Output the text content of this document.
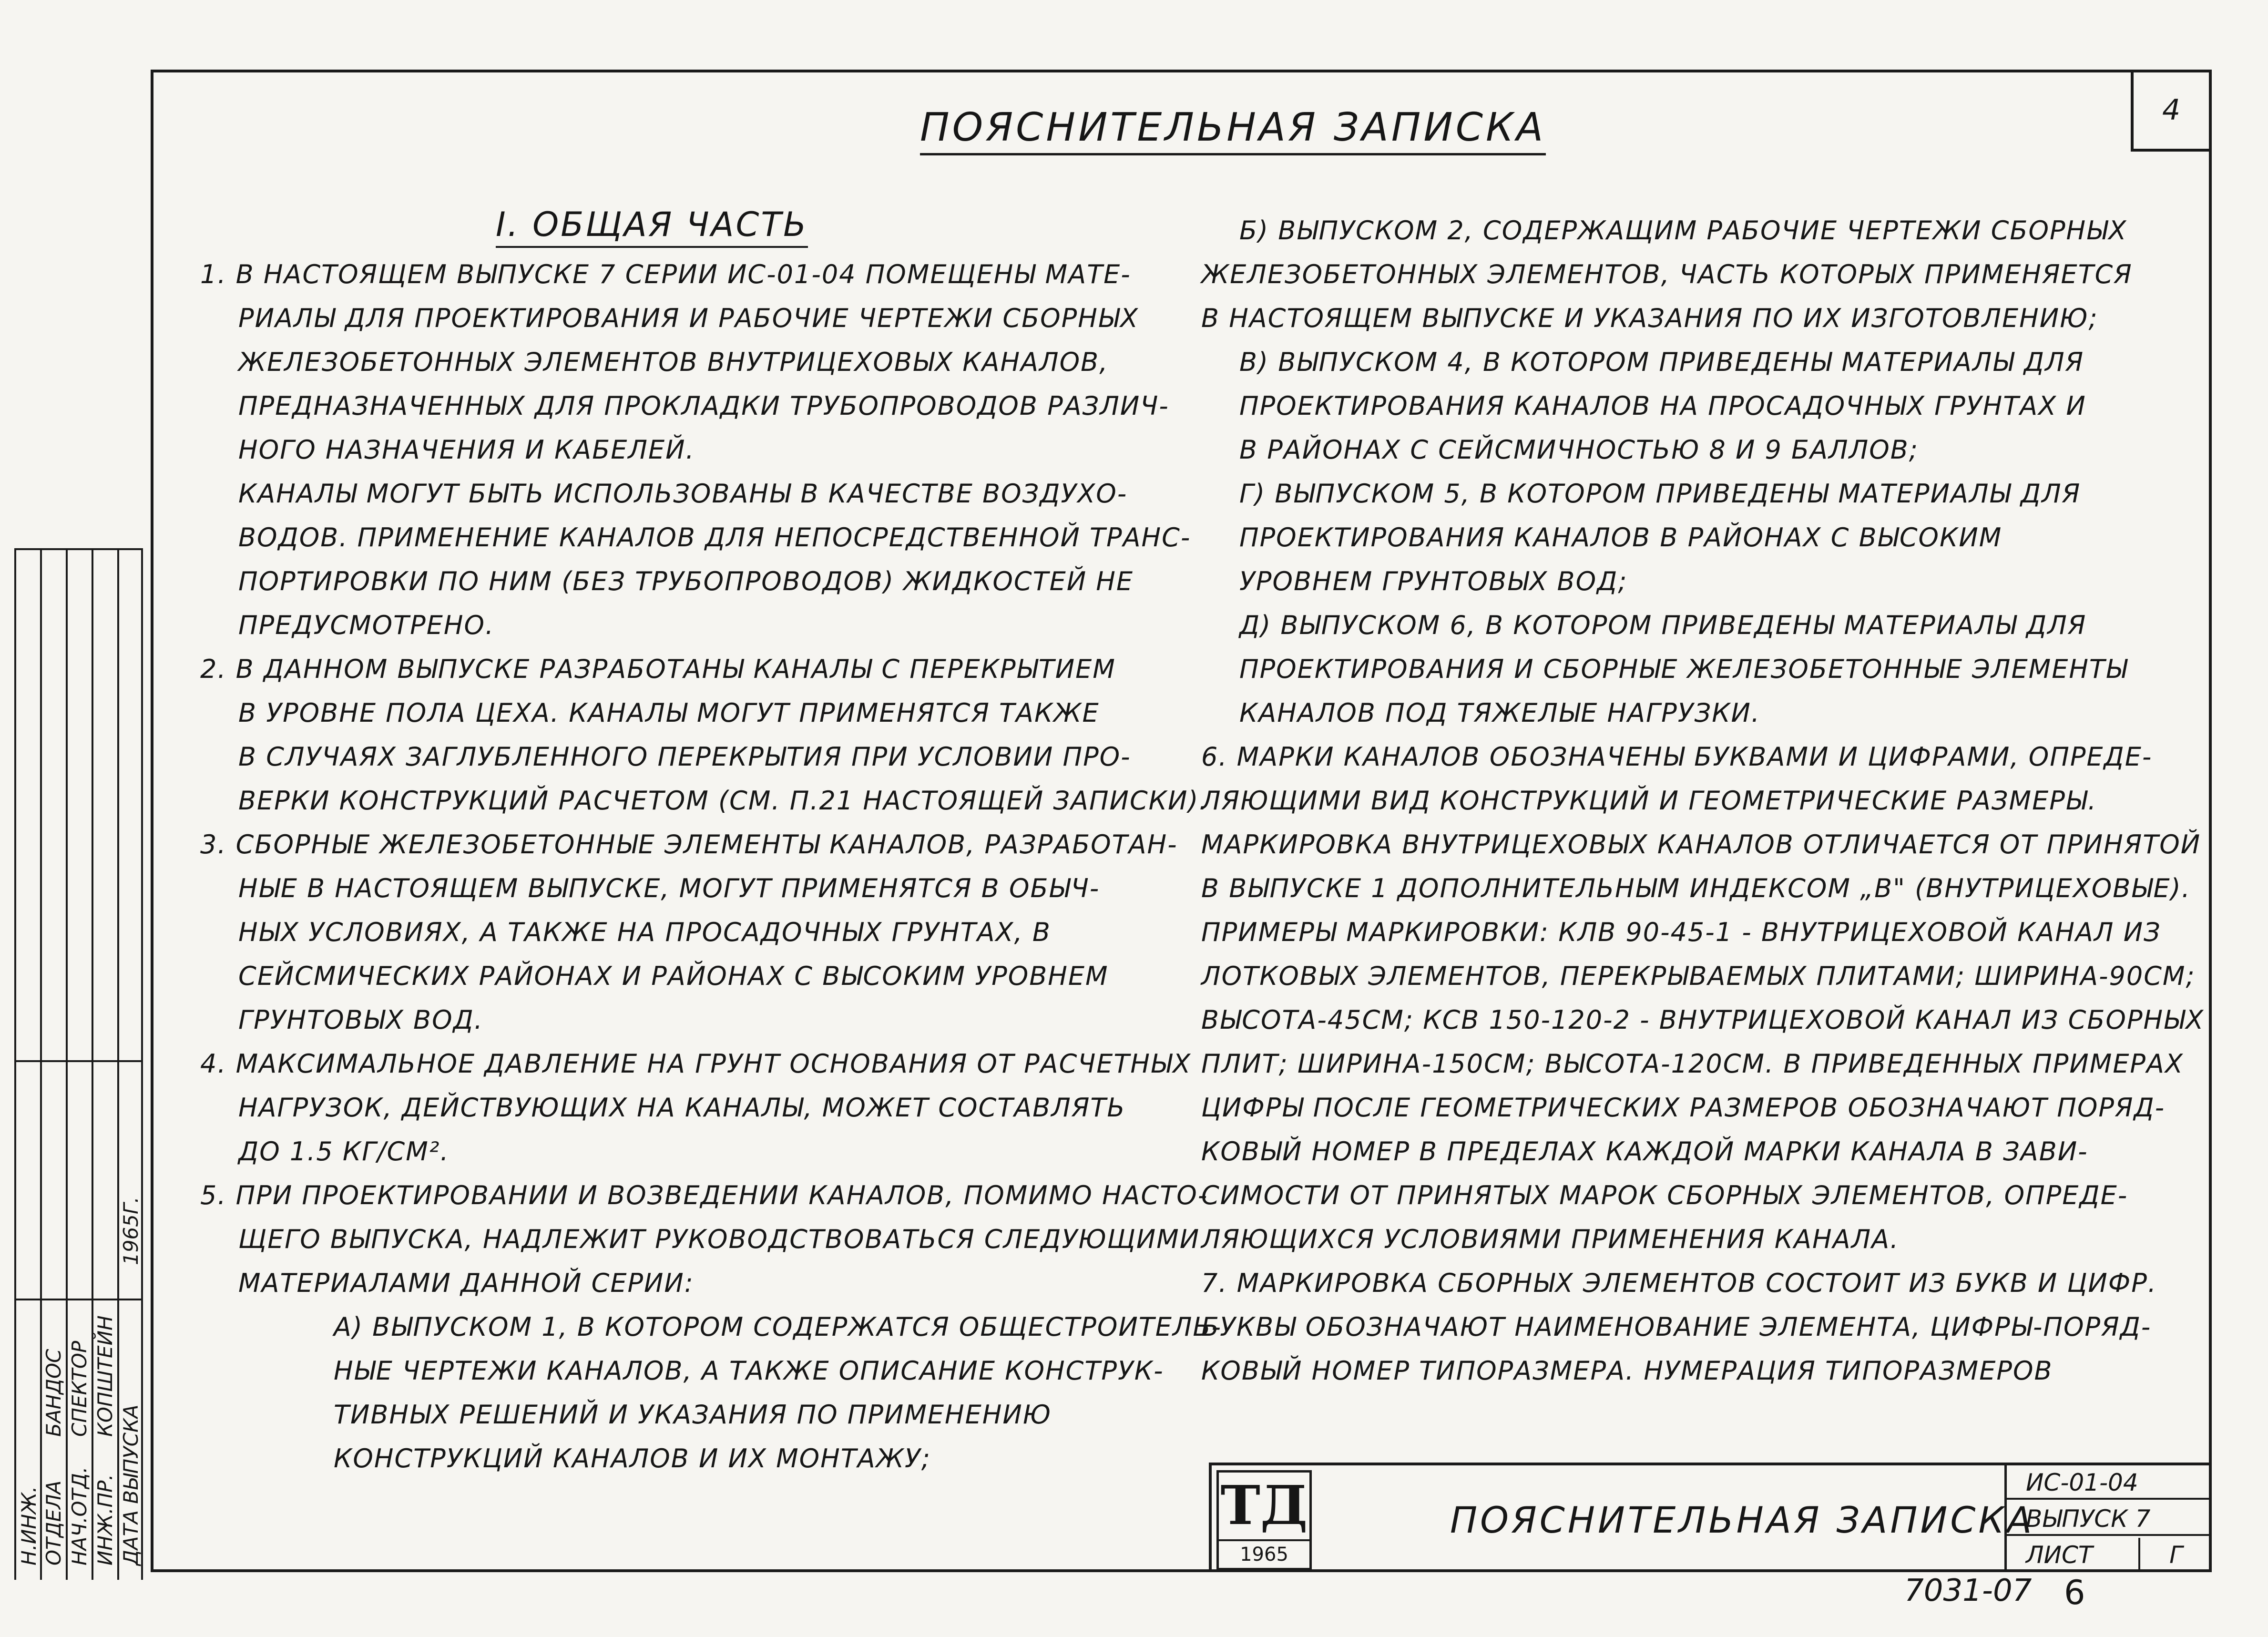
4
ПОЯСНИТЕЛЬНАЯ ЗАПИСКА
I. ОБЩАЯ ЧАСТЬ
1. В НАСТОЯЩЕМ ВЫПУСКЕ 7 СЕРИИ ИС-01-04 ПОМЕЩЕНЫ МАТЕ-
РИАЛЫ ДЛЯ ПРОЕКТИРОВАНИЯ И РАБОЧИЕ ЧЕРТЕЖИ СБОРНЫХ
ЖЕЛЕЗОБЕТОННЫХ ЭЛЕМЕНТОВ ВНУТРИЦЕХОВЫХ КАНАЛОВ,
ПРЕДНАЗНАЧЕННЫХ ДЛЯ ПРОКЛАДКИ ТРУБОПРОВОДОВ РАЗЛИЧ-
НОГО НАЗНАЧЕНИЯ И КАБЕЛЕЙ.
КАНАЛЫ МОГУТ БЫТЬ ИСПОЛЬЗОВАНЫ В КАЧЕСТВЕ ВОЗДУХО-
ВОДОВ. ПРИМЕНЕНИЕ КАНАЛОВ ДЛЯ НЕПОСРЕДСТВЕННОЙ ТРАНС-
ПОРТИРОВКИ ПО НИМ (БЕЗ ТРУБОПРОВОДОВ) ЖИДКОСТЕЙ НЕ
ПРЕДУСМОТРЕНО.
2. В ДАННОМ ВЫПУСКЕ РАЗРАБОТАНЫ КАНАЛЫ С ПЕРЕКРЫТИЕМ
В УРОВНЕ ПОЛА ЦЕХА. КАНАЛЫ МОГУТ ПРИМЕНЯТСЯ ТАКЖЕ
В СЛУЧАЯХ ЗАГЛУБЛЕННОГО ПЕРЕКРЫТИЯ ПРИ УСЛОВИИ ПРО-
ВЕРКИ КОНСТРУКЦИЙ РАСЧЕТОМ (СМ. П.21 НАСТОЯЩЕЙ ЗАПИСКИ).
3. СБОРНЫЕ ЖЕЛЕЗОБЕТОННЫЕ ЭЛЕМЕНТЫ КАНАЛОВ, РАЗРАБОТАН-
НЫЕ В НАСТОЯЩЕМ ВЫПУСКЕ, МОГУТ ПРИМЕНЯТСЯ В ОБЫЧ-
НЫХ УСЛОВИЯХ, А ТАКЖЕ НА ПРОСАДОЧНЫХ ГРУНТАХ, В
СЕЙСМИЧЕСКИХ РАЙОНАХ И РАЙОНАХ С ВЫСОКИМ УРОВНЕМ
ГРУНТОВЫХ ВОД.
4. МАКСИМАЛЬНОЕ ДАВЛЕНИЕ НА ГРУНТ ОСНОВАНИЯ ОТ РАСЧЕТНЫХ
НАГРУЗОК, ДЕЙСТВУЮЩИХ НА КАНАЛЫ, МОЖЕТ СОСТАВЛЯТЬ
ДО 1.5 КГ/СМ².
5. ПРИ ПРОЕКТИРОВАНИИ И ВОЗВЕДЕНИИ КАНАЛОВ, ПОМИМО НАСТО-
ЩЕГО ВЫПУСКА, НАДЛЕЖИТ РУКОВОДСТВОВАТЬСЯ СЛЕДУЮЩИМИ
МАТЕРИАЛАМИ ДАННОЙ СЕРИИ:
А) ВЫПУСКОМ 1, В КОТОРОМ СОДЕРЖАТСЯ ОБЩЕСТРОИТЕЛЬ-
НЫЕ ЧЕРТЕЖИ КАНАЛОВ, А ТАКЖЕ ОПИСАНИЕ КОНСТРУК-
ТИВНЫХ РЕШЕНИЙ И УКАЗАНИЯ ПО ПРИМЕНЕНИЮ
КОНСТРУКЦИЙ КАНАЛОВ И ИХ МОНТАЖУ;
Б) ВЫПУСКОМ 2, СОДЕРЖАЩИМ РАБОЧИЕ ЧЕРТЕЖИ СБОРНЫХ
ЖЕЛЕЗОБЕТОННЫХ ЭЛЕМЕНТОВ, ЧАСТЬ КОТОРЫХ ПРИМЕНЯЕТСЯ
В НАСТОЯЩЕМ ВЫПУСКЕ И УКАЗАНИЯ ПО ИХ ИЗГОТОВЛЕНИЮ;
В) ВЫПУСКОМ 4, В КОТОРОМ ПРИВЕДЕНЫ МАТЕРИАЛЫ ДЛЯ
ПРОЕКТИРОВАНИЯ КАНАЛОВ НА ПРОСАДОЧНЫХ ГРУНТАХ И
В РАЙОНАХ С СЕЙСМИЧНОСТЬЮ 8 И 9 БАЛЛОВ;
Г) ВЫПУСКОМ 5, В КОТОРОМ ПРИВЕДЕНЫ МАТЕРИАЛЫ ДЛЯ
ПРОЕКТИРОВАНИЯ КАНАЛОВ В РАЙОНАХ С ВЫСОКИМ
УРОВНЕМ ГРУНТОВЫХ ВОД;
Д) ВЫПУСКОМ 6, В КОТОРОМ ПРИВЕДЕНЫ МАТЕРИАЛЫ ДЛЯ
ПРОЕКТИРОВАНИЯ И СБОРНЫЕ ЖЕЛЕЗОБЕТОННЫЕ ЭЛЕМЕНТЫ
КАНАЛОВ ПОД ТЯЖЕЛЫЕ НАГРУЗКИ.
6. МАРКИ КАНАЛОВ ОБОЗНАЧЕНЫ БУКВАМИ И ЦИФРАМИ, ОПРЕДЕ-
ЛЯЮЩИМИ ВИД КОНСТРУКЦИЙ И ГЕОМЕТРИЧЕСКИЕ РАЗМЕРЫ.
МАРКИРОВКА ВНУТРИЦЕХОВЫХ КАНАЛОВ ОТЛИЧАЕТСЯ ОТ ПРИНЯТОЙ
В ВЫПУСКЕ 1 ДОПОЛНИТЕЛЬНЫМ ИНДЕКСОМ „В" (ВНУТРИЦЕХОВЫЕ).
ПРИМЕРЫ МАРКИРОВКИ: КЛВ 90-45-1 - ВНУТРИЦЕХОВОЙ КАНАЛ ИЗ
ЛОТКОВЫХ ЭЛЕМЕНТОВ, ПЕРЕКРЫВАЕМЫХ ПЛИТАМИ; ШИРИНА-90СМ;
ВЫСОТА-45СМ; КСВ 150-120-2 - ВНУТРИЦЕХОВОЙ КАНАЛ ИЗ СБОРНЫХ
ПЛИТ; ШИРИНА-150СМ; ВЫСОТА-120СМ. В ПРИВЕДЕННЫХ ПРИМЕРАХ
ЦИФРЫ ПОСЛЕ ГЕОМЕТРИЧЕСКИХ РАЗМЕРОВ ОБОЗНАЧАЮТ ПОРЯД-
КОВЫЙ НОМЕР В ПРЕДЕЛАХ КАЖДОЙ МАРКИ КАНАЛА В ЗАВИ-
СИМОСТИ ОТ ПРИНЯТЫХ МАРОК СБОРНЫХ ЭЛЕМЕНТОВ, ОПРЕДЕ-
ЛЯЮЩИХСЯ УСЛОВИЯМИ ПРИМЕНЕНИЯ КАНАЛА.
7. МАРКИРОВКА СБОРНЫХ ЭЛЕМЕНТОВ СОСТОИТ ИЗ БУКВ И ЦИФР.
БУКВЫ ОБОЗНАЧАЮТ НАИМЕНОВАНИЕ ЭЛЕМЕНТА, ЦИФРЫ-ПОРЯД-
КОВЫЙ НОМЕР ТИПОРАЗМЕРА. НУМЕРАЦИЯ ТИПОРАЗМЕРОВ
Н.ИНЖ. ОТДЕЛА НАЧ.ОТД. ИНЖ.ПР. ДАТА ВЫПУСКА
БАНДОС СПЕКТОР КОПШТЕЙН
1965Г.
ТД
1965
ПОЯСНИТЕЛЬНАЯ ЗАПИСКА
ИС-01-04
ВЫПУСК 7
ЛИСТ	Г
7031-07 6
